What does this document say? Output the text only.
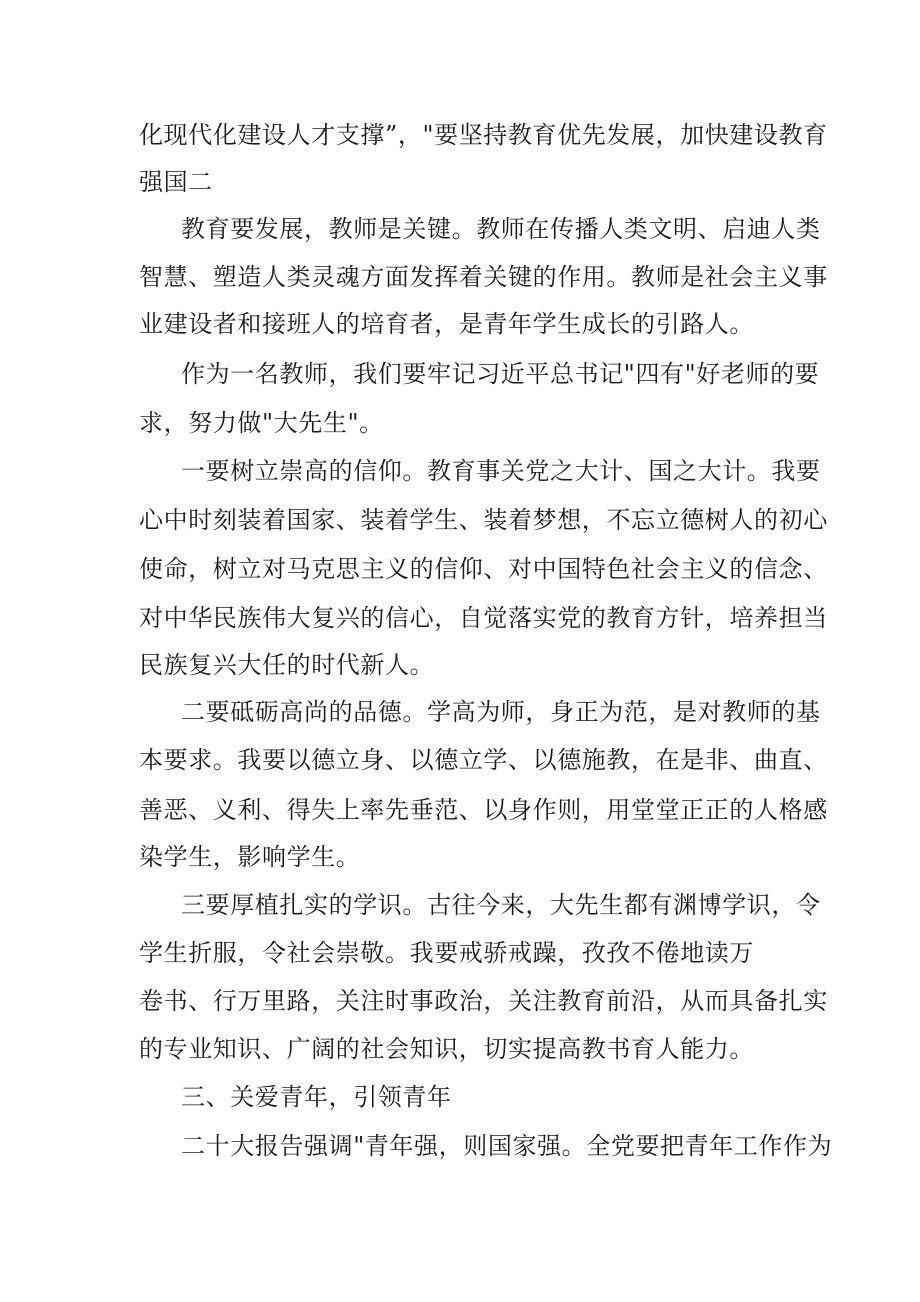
化现代化建设人才支撑”，"要坚持教育优先发展，加快建设教育
强国二
教育要发展，教师是关键。教师在传播人类文明、启迪人类
智慧、塑造人类灵魂方面发挥着关键的作用。教师是社会主义事
业建设者和接班人的培育者，是青年学生成长的引路人。
作为一名教师，我们要牢记习近平总书记"四有"好老师的要
求，努力做"大先生"。
一要树立崇高的信仰。教育事关党之大计、国之大计。我要
心中时刻装着国家、装着学生、装着梦想，不忘立德树人的初心
使命，树立对马克思主义的信仰、对中国特色社会主义的信念、
对中华民族伟大复兴的信心，自觉落实党的教育方针，培养担当
民族复兴大任的时代新人。
二要砥砺高尚的品德。学高为师，身正为范，是对教师的基
本要求。我要以德立身、以德立学、以德施教，在是非、曲直、
善恶、义利、得失上率先垂范、以身作则，用堂堂正正的人格感
染学生，影响学生。
三要厚植扎实的学识。古往今来，大先生都有渊博学识，令
学生折服，令社会崇敬。我要戒骄戒躁，孜孜不倦地读万
卷书、行万里路，关注时事政治，关注教育前沿，从而具备扎实
的专业知识、广阔的社会知识，切实提高教书育人能力。
三、关爱青年，引领青年
二十大报告强调"青年强，则国家强。全党要把青年工作作为
